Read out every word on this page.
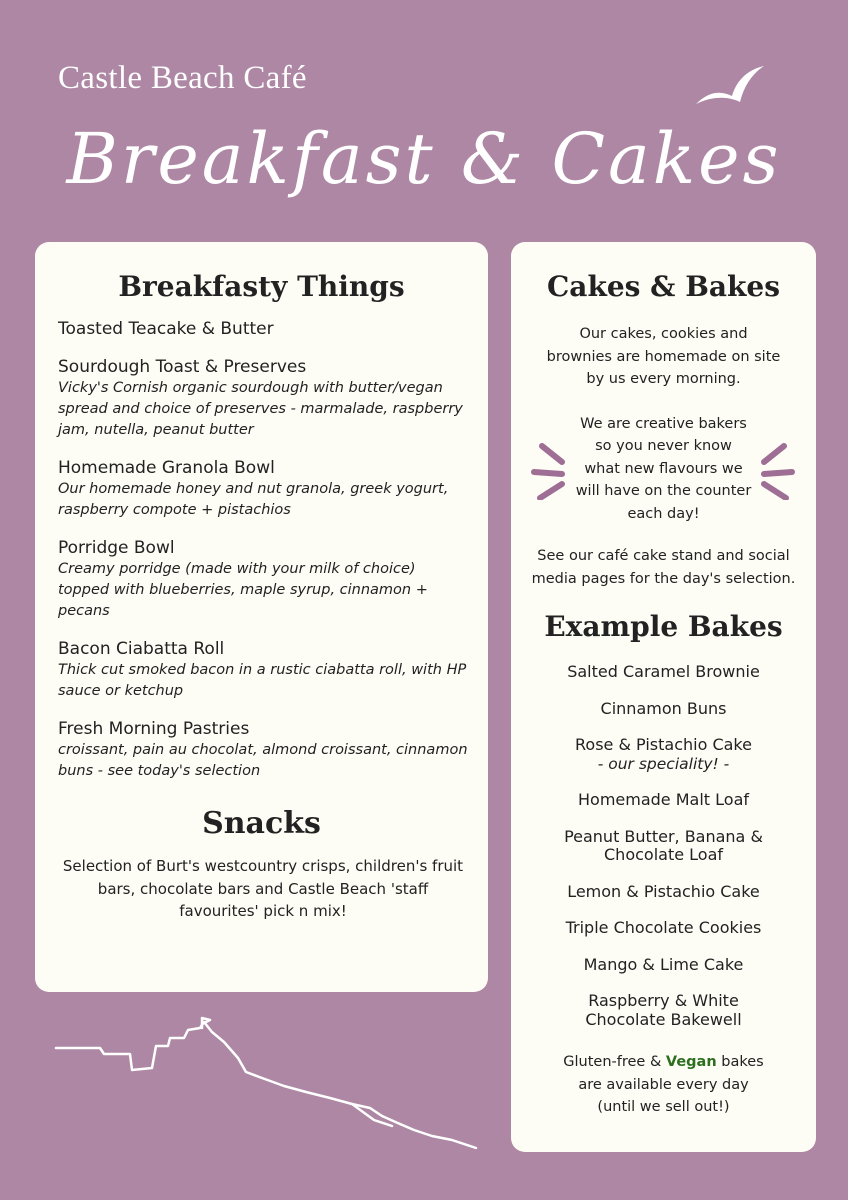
Castle Beach Café
Breakfast & Cakes
Breakfasty Things
Toasted Teacake & Butter
Sourdough Toast & Preserves
Vicky's Cornish organic sourdough with butter/vegan spread and choice of preserves - marmalade, raspberry jam, nutella, peanut butter
Homemade Granola Bowl
Our homemade honey and nut granola, greek yogurt, raspberry compote + pistachios
Porridge Bowl
Creamy porridge (made with your milk of choice) topped with blueberries, maple syrup, cinnamon + pecans
Bacon Ciabatta Roll
Thick cut smoked bacon in a rustic ciabatta roll, with HP sauce or ketchup
Fresh Morning Pastries
croissant, pain au chocolat, almond croissant, cinnamon buns - see today's selection
Snacks
Selection of Burt's westcountry crisps, children's fruit bars, chocolate bars and Castle Beach 'staff favourites' pick n mix!
Cakes & Bakes
Our cakes, cookies and brownies are homemade on site by us every morning.
We are creative bakers so you never know what new flavours we will have on the counter each day!
See our café cake stand and social media pages for the day's selection.
Example Bakes
Salted Caramel Brownie
Cinnamon Buns
Rose & Pistachio Cake
- our speciality! -
Homemade Malt Loaf
Peanut Butter, Banana & Chocolate Loaf
Lemon & Pistachio Cake
Triple Chocolate Cookies
Mango & Lime Cake
Raspberry & White Chocolate Bakewell
Gluten-free & Vegan bakes are available every day (until we sell out!)
